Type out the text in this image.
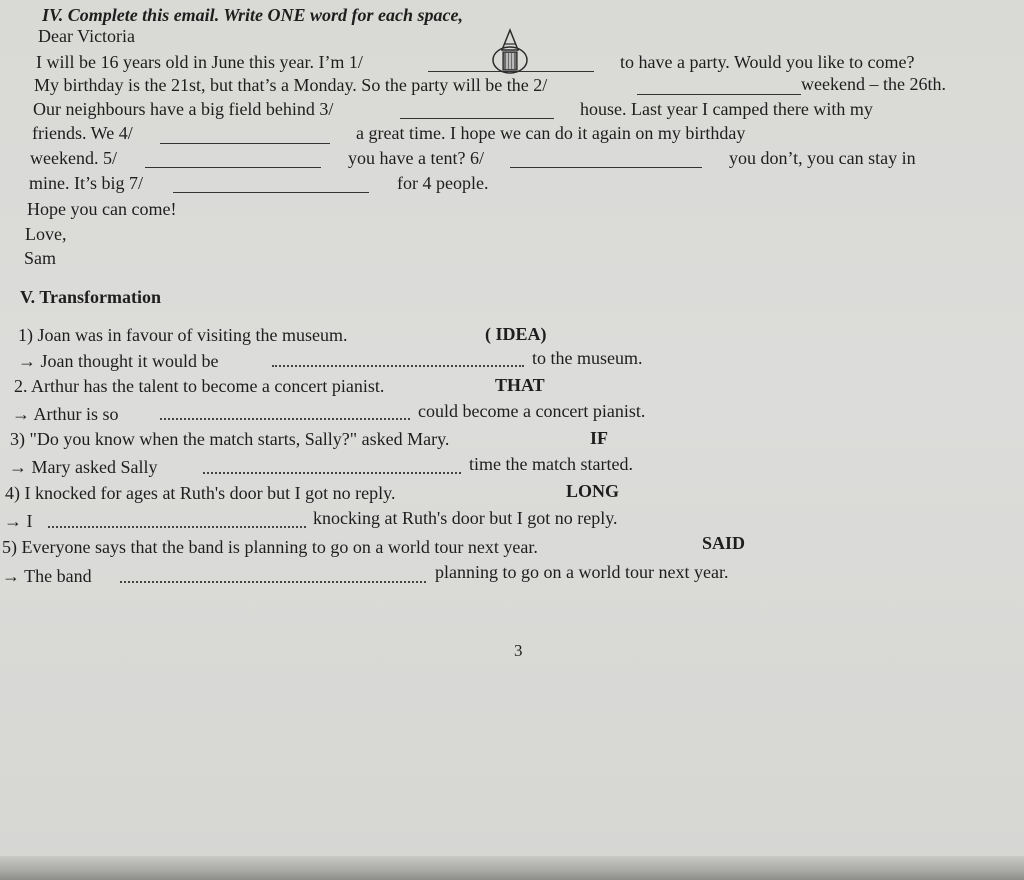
IV. Complete this email. Write ONE word for each space,
Dear Victoria
I will be 16 years old in June this year. I’m 1/	to have a party. Would you like to come?
My birthday is the 21st, but that’s a Monday. So the party will be the 2/	weekend – the 26th.
Our neighbours have a big field behind 3/	house. Last year I camped there with my
friends. We 4/	a great time. I hope we can do it again on my birthday
weekend. 5/	you have a tent? 6/	you don’t, you can stay in
mine. It’s big 7/	for 4 people.
Hope you can come!
Love,
Sam
V. Transformation
1) Joan was in favour of visiting the museum.	( IDEA)
→ Joan thought it would be	to the museum.
2. Arthur has the talent to become a concert pianist.	THAT
→ Arthur is so	could become a concert pianist.
3) "Do you know when the match starts, Sally?" asked Mary.	IF
→ Mary asked Sally	time the match started.
4) I knocked for ages at Ruth's door but I got no reply.	LONG
→ I	knocking at Ruth's door but I got no reply.
5) Everyone says that the band is planning to go on a world tour next year.	SAID
→ The band	planning to go on a world tour next year.
3
